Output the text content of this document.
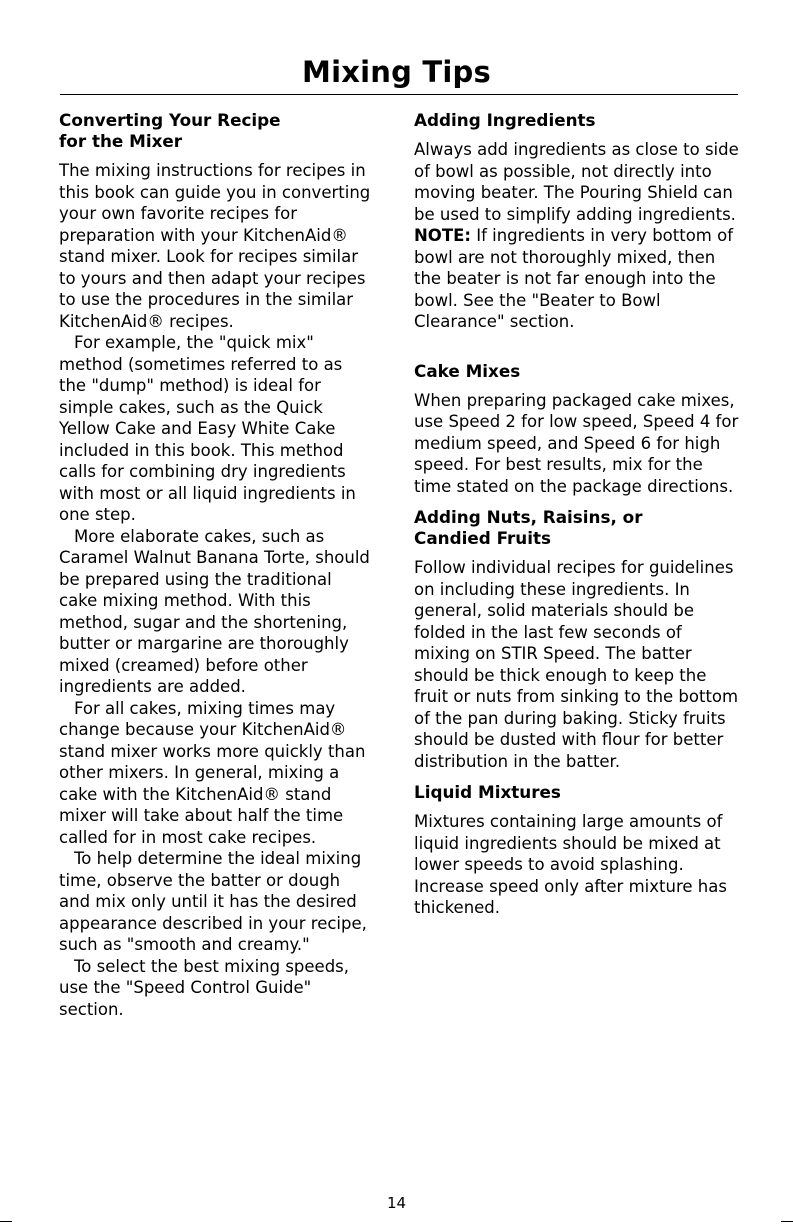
Mixing Tips
Converting Your Recipe
for the Mixer

The mixing instructions for recipes in this book can guide you in converting your own favorite recipes for preparation with your KitchenAid® stand mixer. Look for recipes similar to yours and then adapt your recipes to use the procedures in the similar KitchenAid® recipes.

For example, the "quick mix" method (sometimes referred to as the "dump" method) is ideal for simple cakes, such as the Quick Yellow Cake and Easy White Cake included in this book. This method calls for combining dry ingredients with most or all liquid ingredients in one step.

More elaborate cakes, such as Caramel Walnut Banana Torte, should be prepared using the traditional cake mixing method. With this method, sugar and the shortening, butter or margarine are thoroughly mixed (creamed) before other ingredients are added.

For all cakes, mixing times may change because your KitchenAid® stand mixer works more quickly than other mixers. In general, mixing a cake with the KitchenAid® stand mixer will take about half the time called for in most cake recipes.

To help determine the ideal mixing time, observe the batter or dough and mix only until it has the desired appearance described in your recipe, such as "smooth and creamy."

To select the best mixing speeds, use the "Speed Control Guide" section.

Adding Ingredients

Always add ingredients as close to side of bowl as possible, not directly into moving beater. The Pouring Shield can be used to simplify adding ingredients.

NOTE: If ingredients in very bottom of bowl are not thoroughly mixed, then the beater is not far enough into the bowl. See the "Beater to Bowl Clearance" section.

Cake Mixes

When preparing packaged cake mixes, use Speed 2 for low speed, Speed 4 for medium speed, and Speed 6 for high speed. For best results, mix for the time stated on the package directions.

Adding Nuts, Raisins, or
Candied Fruits

Follow individual recipes for guidelines on including these ingredients. In general, solid materials should be folded in the last few seconds of mixing on STIR Speed. The batter should be thick enough to keep the fruit or nuts from sinking to the bottom of the pan during baking. Sticky fruits should be dusted with flour for better distribution in the batter.

Liquid Mixtures

Mixtures containing large amounts of liquid ingredients should be mixed at lower speeds to avoid splashing. Increase speed only after mixture has thickened.

14
